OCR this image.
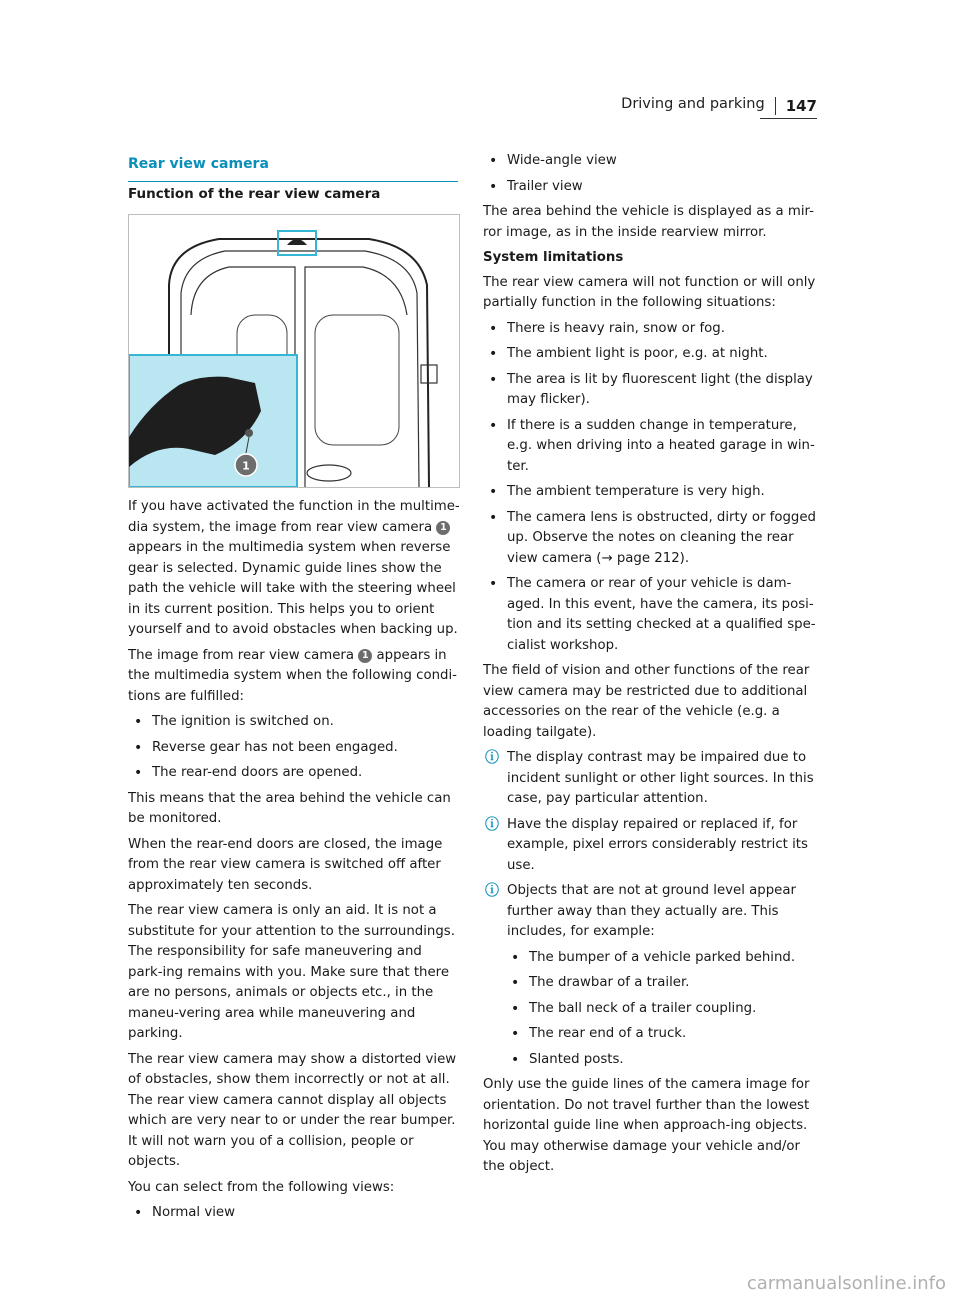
Driving and parking	147
Rear view camera
Function of the rear view camera
1

If you have activated the function in the multime-dia system, the image from rear view camera 1 appears in the multimedia system when reverse gear is selected. Dynamic guide lines show the path the vehicle will take with the steering wheel in its current position. This helps you to orient yourself and to avoid obstacles when backing up.

The image from rear view camera 1 appears in the multimedia system when the following condi-tions are fulfilled:

• The ignition is switched on.
• Reverse gear has not been engaged.
• The rear-end doors are opened.

This means that the area behind the vehicle can be monitored.

When the rear-end doors are closed, the image from the rear view camera is switched off after approximately ten seconds.

The rear view camera is only an aid. It is not a substitute for your attention to the surroundings. The responsibility for safe maneuvering and park-ing remains with you. Make sure that there are no persons, animals or objects etc., in the maneu-vering area while maneuvering and parking.

The rear view camera may show a distorted view of obstacles, show them incorrectly or not at all. The rear view camera cannot display all objects which are very near to or under the rear bumper. It will not warn you of a collision, people or objects.

You can select from the following views:

• Normal view
• Wide-angle view
• Trailer view

The area behind the vehicle is displayed as a mir-ror image, as in the inside rearview mirror.

System limitations

The rear view camera will not function or will only partially function in the following situations:

• There is heavy rain, snow or fog.
• The ambient light is poor, e.g. at night.
• The area is lit by fluorescent light (the display may flicker).
• If there is a sudden change in temperature, e.g. when driving into a heated garage in win-ter.
• The ambient temperature is very high.
• The camera lens is obstructed, dirty or fogged up. Observe the notes on cleaning the rear view camera (→ page 212).
• The camera or rear of your vehicle is dam-aged. In this event, have the camera, its posi-tion and its setting checked at a qualified spe-cialist workshop.

The field of vision and other functions of the rear view camera may be restricted due to additional accessories on the rear of the vehicle (e.g. a loading tailgate).

ⓘ The display contrast may be impaired due to incident sunlight or other light sources. In this case, pay particular attention.
ⓘ Have the display repaired or replaced if, for example, pixel errors considerably restrict its use.
ⓘ Objects that are not at ground level appear further away than they actually are. This includes, for example:
• The bumper of a vehicle parked behind.
• The drawbar of a trailer.
• The ball neck of a trailer coupling.
• The rear end of a truck.
• Slanted posts.

Only use the guide lines of the camera image for orientation. Do not travel further than the lowest horizontal guide line when approach-ing objects. You may otherwise damage your vehicle and/or the object.

carmanualsonline.info
